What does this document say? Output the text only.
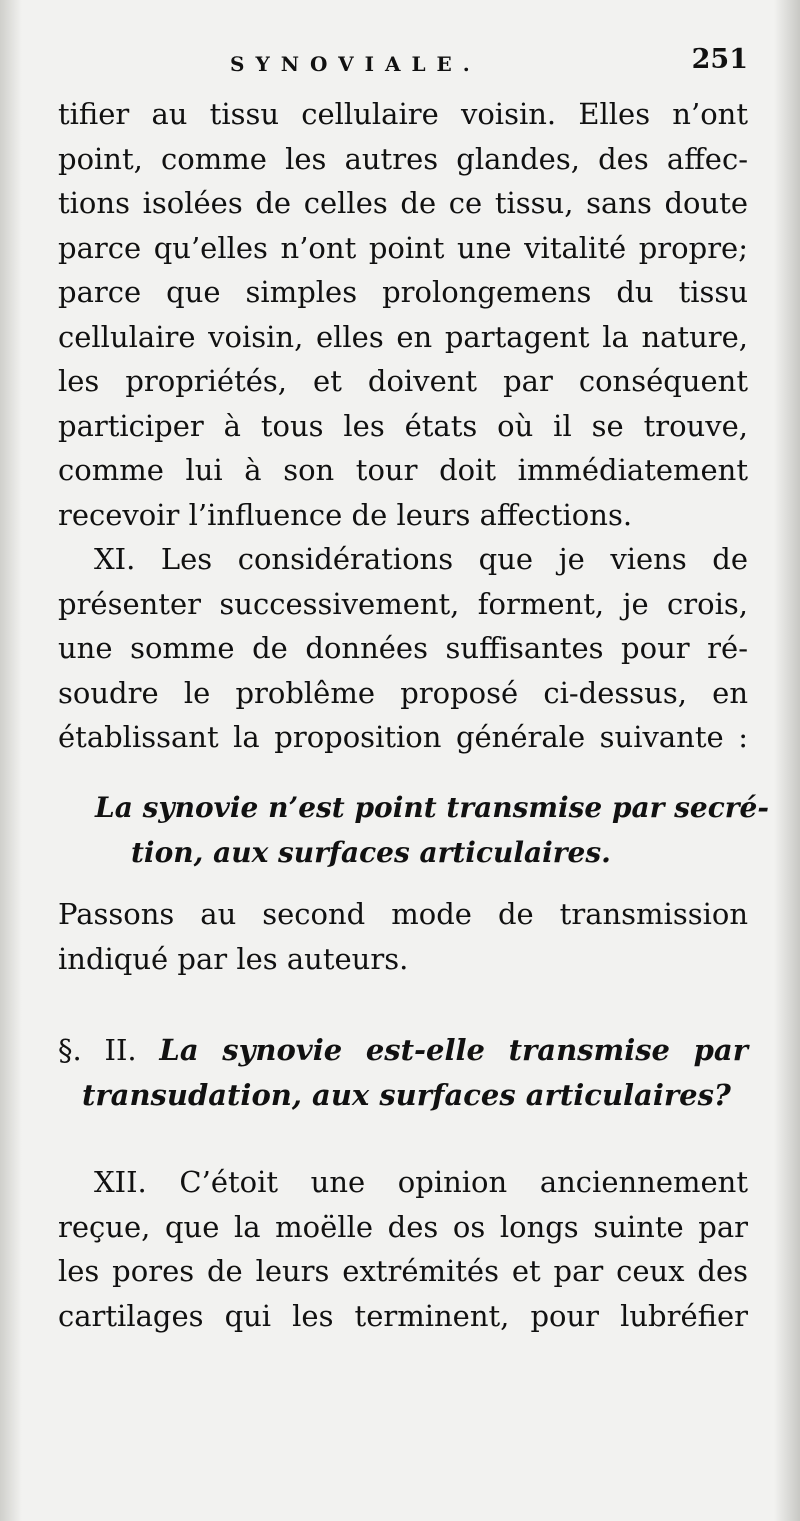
SYNOVIALE.	251
tifier au tissu cellulaire voisin. Elles n’ont
point, comme les autres glandes, des affec-
tions isolées de celles de ce tissu, sans doute
parce qu’elles n’ont point une vitalité propre;
parce que simples prolongemens du tissu
cellulaire voisin, elles en partagent la nature,
les propriétés, et doivent par conséquent
participer à tous les états où il se trouve,
comme lui à son tour doit immédiatement
recevoir l’influence de leurs affections.
XI. Les considérations que je viens de
présenter successivement, forment, je crois,
une somme de données suffisantes pour ré-
soudre le problême proposé ci-dessus, en
établissant la proposition générale suivante :
La synovie n’est point transmise par secré-
tion, aux surfaces articulaires.
Passons au second mode de transmission
indiqué par les auteurs.
§. II. La synovie est-elle transmise par
transudation, aux surfaces articulaires?
XII. C’étoit une opinion anciennement
reçue, que la moëlle des os longs suinte par
les pores de leurs extrémités et par ceux des
cartilages qui les terminent, pour lubréfier
